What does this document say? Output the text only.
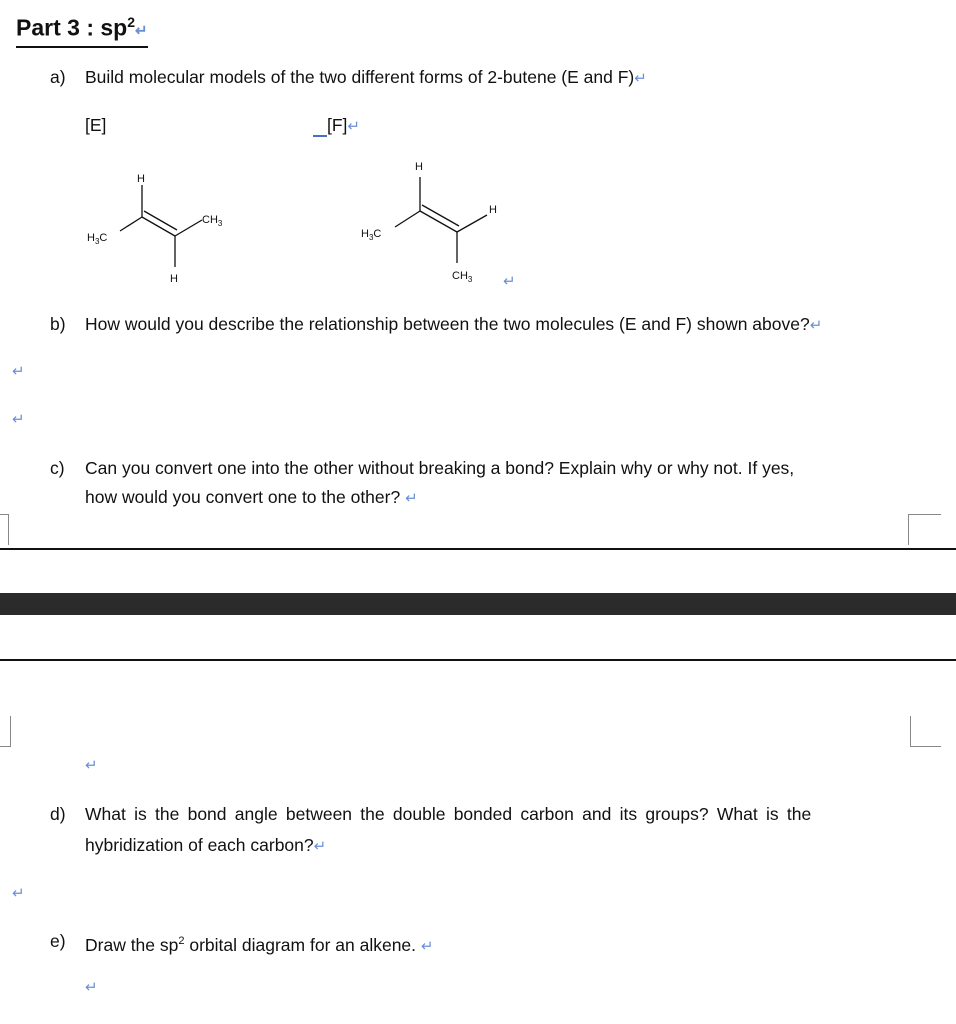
Part 3 : $sp^2↵$
a) Build molecular models of the two different forms of 2-butene (E and F)↵
[E]	[F]↵
H
H
$CH_3$
$H_3C$
H
H
$CH_3$
$H_3C$
↵
b) How would you describe the relationship between the two molecules (E and F) shown above?↵
↵
↵
c) Can you convert one into the other without breaking a bond? Explain why or why not. If yes,
how would you convert one to the other? ↵
↵
d) What is the bond angle between the double bonded carbon and its groups? What is the
hybridization of each carbon?↵
↵
e) Draw the $sp^2$ orbital diagram for an alkene. ↵
↵
